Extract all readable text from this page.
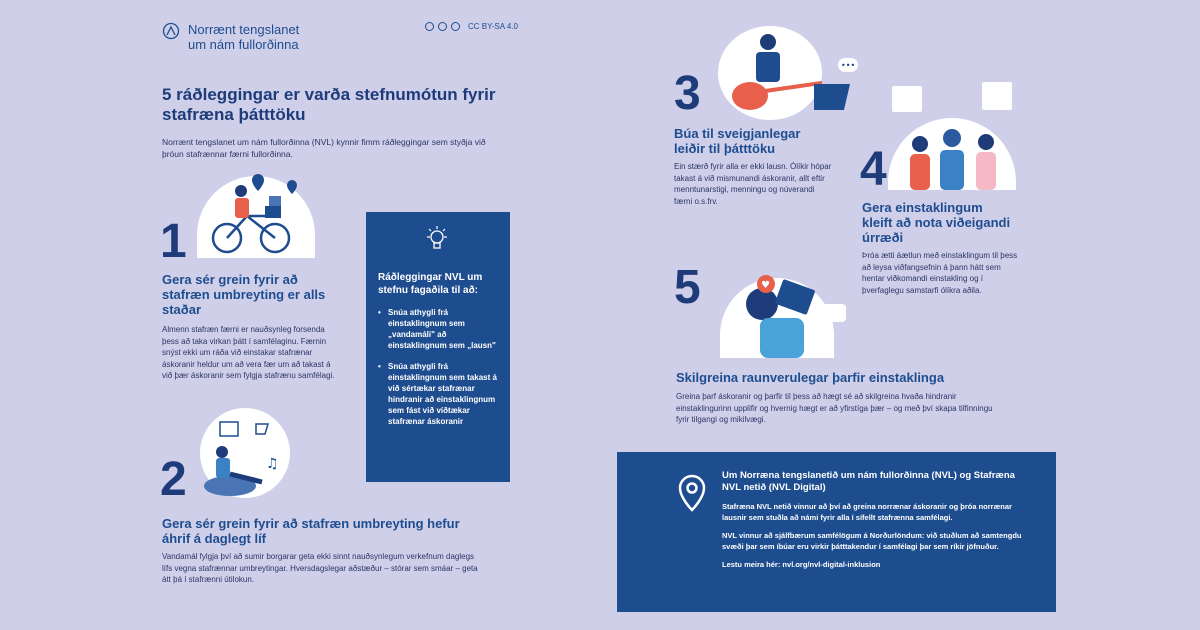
Norrænt tengslanet
um nám fullorðinna
CC BY-SA 4.0
5 ráðleggingar er varða stefnumótun fyrir stafræna þátttöku
Norrænt tengslanet um nám fullorðinna (NVL) kynnir fimm ráðleggingar sem styðja við þróun stafrænnar færni fullorðinna.
1
Gera sér grein fyrir að stafræn umbreyting er alls staðar
Almenn stafræn færni er nauðsynleg forsenda þess að taka virkan þátt í samfélaginu. Færnin snýst ekki um ráða við einstakar stafrænar áskoranir heldur um að vera fær um að takast á við þær áskoranir sem fylgja stafrænu samfélagi.
Ráðleggingar NVL um stefnu fagaðila til að:
• Snúa athygli frá einstaklingnum sem „vandamáli" að einstaklingnum sem „lausn"
• Snúa athygli frá einstaklingnum sem takast á við sértækar stafrænar hindranir að einstaklingnum sem fást við víðtækar stafrænar áskoranir
♫
2
Gera sér grein fyrir að stafræn umbreyting hefur áhrif á daglegt líf
Vandamál fylgja því að sumir borgarar geta ekki sinnt nauðsynlegum verkefnum daglegs lífs vegna stafrænnar umbreytingar. Hversdagslegar aðstæður – stórar sem smáar – geta átt þá í stafrænni útilokun.
•••
3
Búa til sveigjanlegar leiðir til þátttöku
Ein stærð fyrir alla er ekki lausn. Ólíkir hópar takast á við mismunandi áskoranir, allt eftir menntunarstigi, menningu og núverandi færni o.s.frv.
4
Gera einstaklingum kleift að nota viðeigandi úrræði
Þróa ætti áætlun með einstaklingum til þess að leysa viðfangsefnin á þann hátt sem hentar viðkomandi einstakling og í þverfaglegu samstarfi ólíkra aðila.
♥
5
Skilgreina raunverulegar þarfir einstaklinga
Greina þarf áskoranir og þarfir til þess að hægt sé að skilgreina hvaða hindranir einstaklingurinn upplifir og hvernig hægt er að yfirstíga þær – og með því skapa tilfinningu fyrir tilgangi og mikilvægi.
Um Norræna tengslanetið um nám fullorðinna (NVL) og Stafræna NVL netið (NVL Digital)
Stafræna NVL netið vinnur að því að greina norrænar áskoranir og þróa norrænar lausnir sem stuðla að námi fyrir alla í sífellt stafrænna samfélagi.
NVL vinnur að sjálfbærum samfélögum á Norðurlöndum: við stuðlum að samtengdu svæði þar sem íbúar eru virkir þátttakendur í samfélagi þar sem ríkir jöfnuður.
Lestu meira hér: nvl.org/nvl-digital-inklusion
